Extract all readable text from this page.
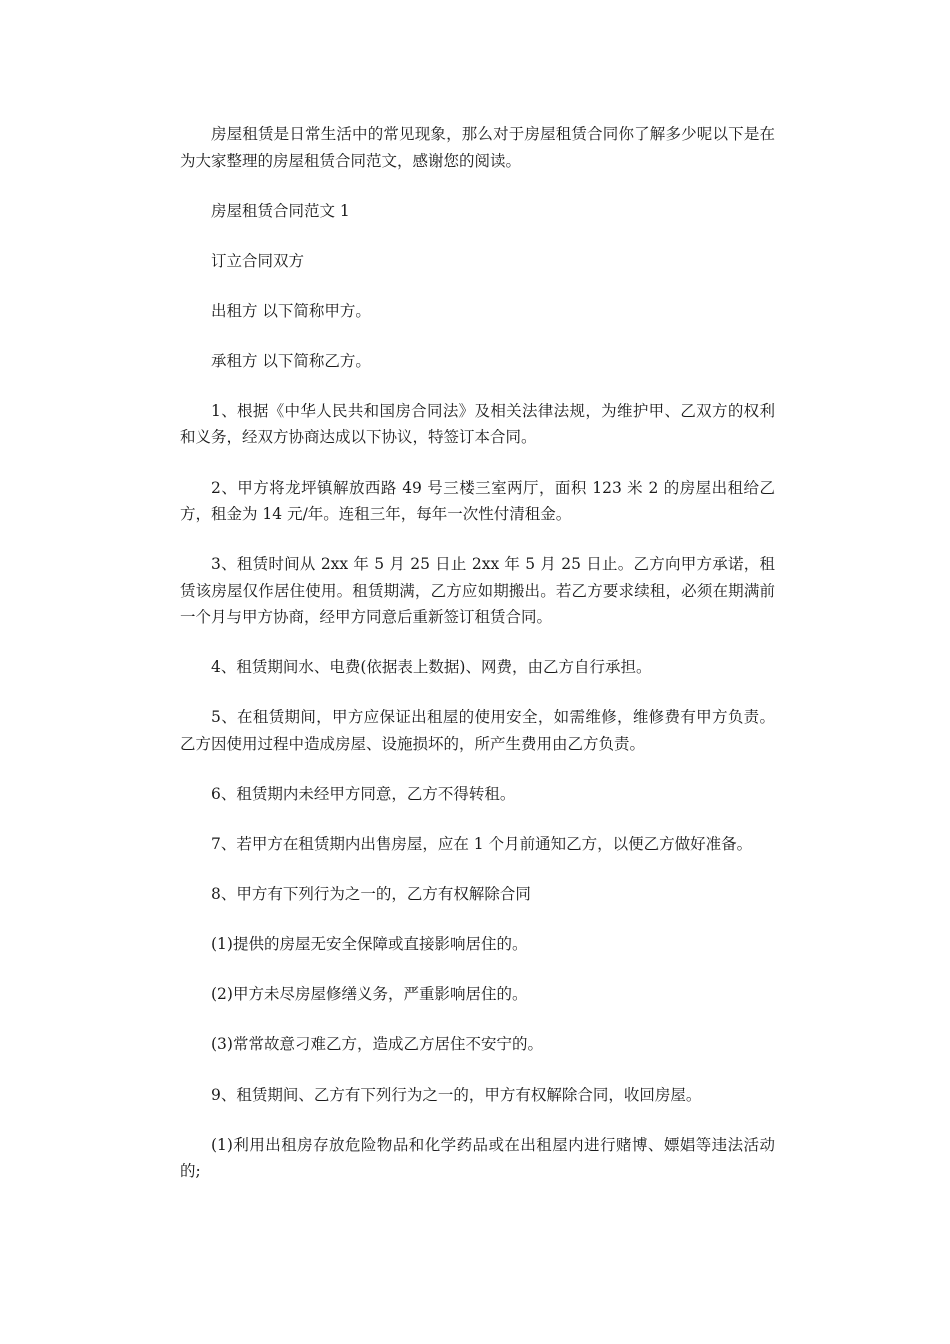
房屋租赁是日常生活中的常见现象，那么对于房屋租赁合同你了解多少呢以下是在为大家整理的房屋租赁合同范文，感谢您的阅读。

房屋租赁合同范文 1

订立合同双方

出租方 以下简称甲方。

承租方 以下简称乙方。

1、根据《中华人民共和国房合同法》及相关法律法规，为维护甲、乙双方的权利和义务，经双方协商达成以下协议，特签订本合同。

2、甲方将龙坪镇解放西路 49 号三楼三室两厅，面积 123 米 2 的房屋出租给乙方，租金为 14 元/年。连租三年，每年一次性付清租金。

3、租赁时间从 2xx 年 5 月 25 日止 2xx 年 5 月 25 日止。乙方向甲方承诺，租赁该房屋仅作居住使用。租赁期满，乙方应如期搬出。若乙方要求续租，必须在期满前一个月与甲方协商，经甲方同意后重新签订租赁合同。

4、租赁期间水、电费(依据表上数据)、网费，由乙方自行承担。

5、在租赁期间，甲方应保证出租屋的使用安全，如需维修，维修费有甲方负责。乙方因使用过程中造成房屋、设施损坏的，所产生费用由乙方负责。

6、租赁期内未经甲方同意，乙方不得转租。

7、若甲方在租赁期内出售房屋，应在 1 个月前通知乙方，以便乙方做好准备。

8、甲方有下列行为之一的，乙方有权解除合同

(1)提供的房屋无安全保障或直接影响居住的。

(2)甲方未尽房屋修缮义务，严重影响居住的。

(3)常常故意刁难乙方，造成乙方居住不安宁的。

9、租赁期间、乙方有下列行为之一的，甲方有权解除合同，收回房屋。

(1)利用出租房存放危险物品和化学药品或在出租屋内进行赌博、嫖娼等违法活动的;
